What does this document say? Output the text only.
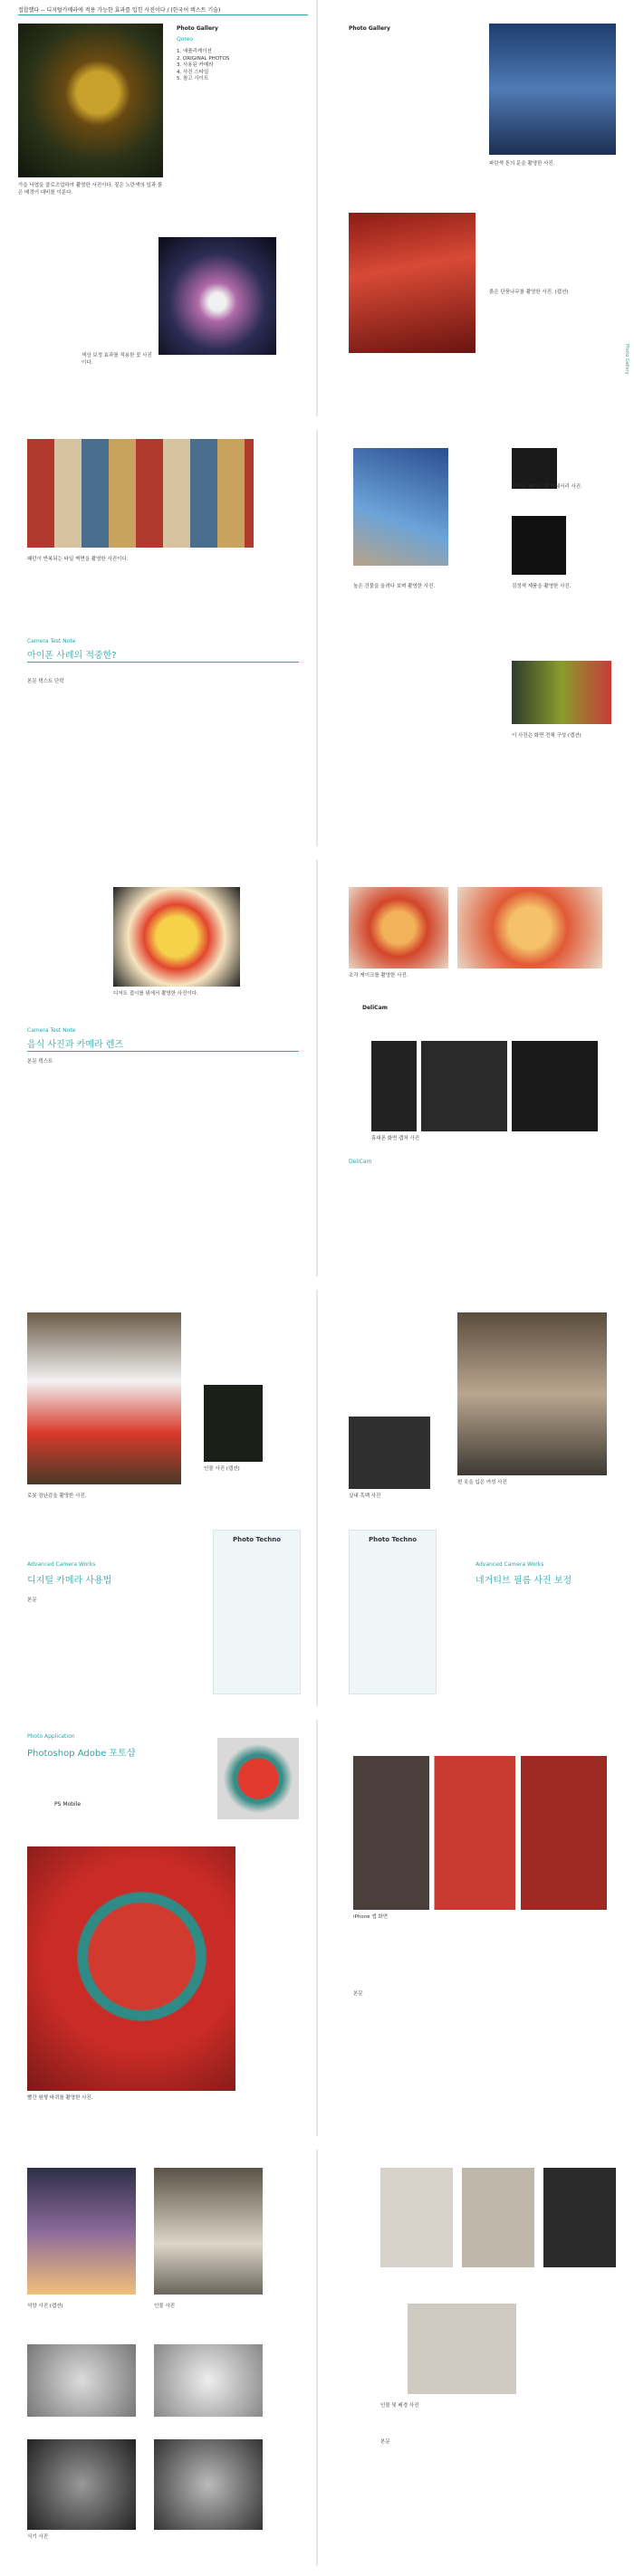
접합했다 -- 디지털카메라에 적용 가능한 효과를 입힌 사진이다 / (한국어 텍스트 기술)
가을 낙엽을 클로즈업하여 촬영한 사진이다. 짙은 노란색의 잎과 붉은 배경이 대비를 이룬다.
Photo Gallery
Qoreo
1. 애플리케이션
2. ORIGINAL PHOTOS
3. 사용된 카메라
4. 사진 스타일
5. 참고 사이트
색상 보정 효과를 적용한 꽃 사진이다.
Photo Gallery
파란색 톤의 문을 촬영한 사진.
붉은 단풍나무를 촬영한 사진. (캡션)
Photo Gallery
패턴이 반복되는 타일 벽면을 촬영한 사진이다.
Camera Test Note
아이폰 사례의 적중한?
본문 텍스트 단락
높은 건물을 올려다 보며 촬영한 사진.
아이폰 케이스 및 악세서리 사진.
검정색 제품을 촬영한 사진.
이 사진은 화면 전체 구성 (캡션)
디저트 접시를 위에서 촬영한 사진이다.
Camera Test Note
음식 사진과 카메라 렌즈
본문 텍스트
조각 케이크를 촬영한 사진.
DeliCam
휴대폰 화면 캡처 사진
DeliCam
로봇 장난감을 촬영한 사진.
인물 사진 (캡션)
Photo Techno
Advanced Camera Works
디지털 카메라 사용법
본문
실내 흑백 사진
흰 옷을 입은 여성 사진
Photo Techno
Advanced Camera Works
네거티브 필름 사진 보정
Photo Application
Photoshop Adobe 포토샵
PS Mobile
빨간 원형 바퀴를 촬영한 사진.
iPhone 앱 화면
본문
석양 사진 (캡션)	인물 사진
식기 사진
인물 및 배경 사진
본문
